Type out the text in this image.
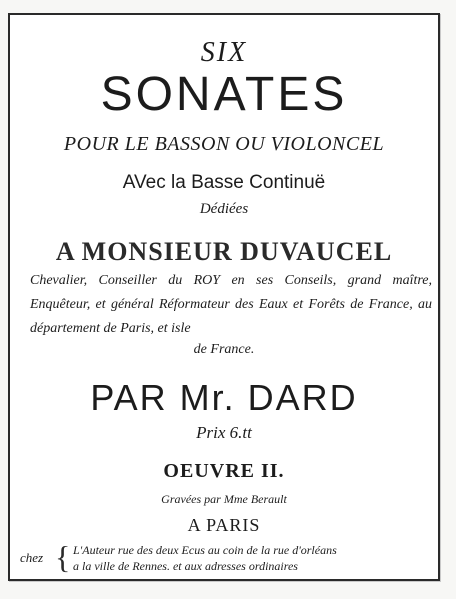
SIX
SONATES
POUR LE BASSON OU VIOLONCEL
AVec la Basse Continuë
Dédiées
A MONSIEUR DUVAUCEL
Chevalier, Conseiller du ROY en ses Conseils, grand maître, Enquêteur, et général Réformateur des Eaux et Forêts de France, au département de Paris, et isle
de France.
PAR Mr. DARD
Prix 6.tt
OEUVRE II.
Gravées par Mme Berault
A PARIS
chez { L'Auteur rue des deux Ecus au coin de la rue d'orléans
a la ville de Rennes. et aux adresses ordinaires
